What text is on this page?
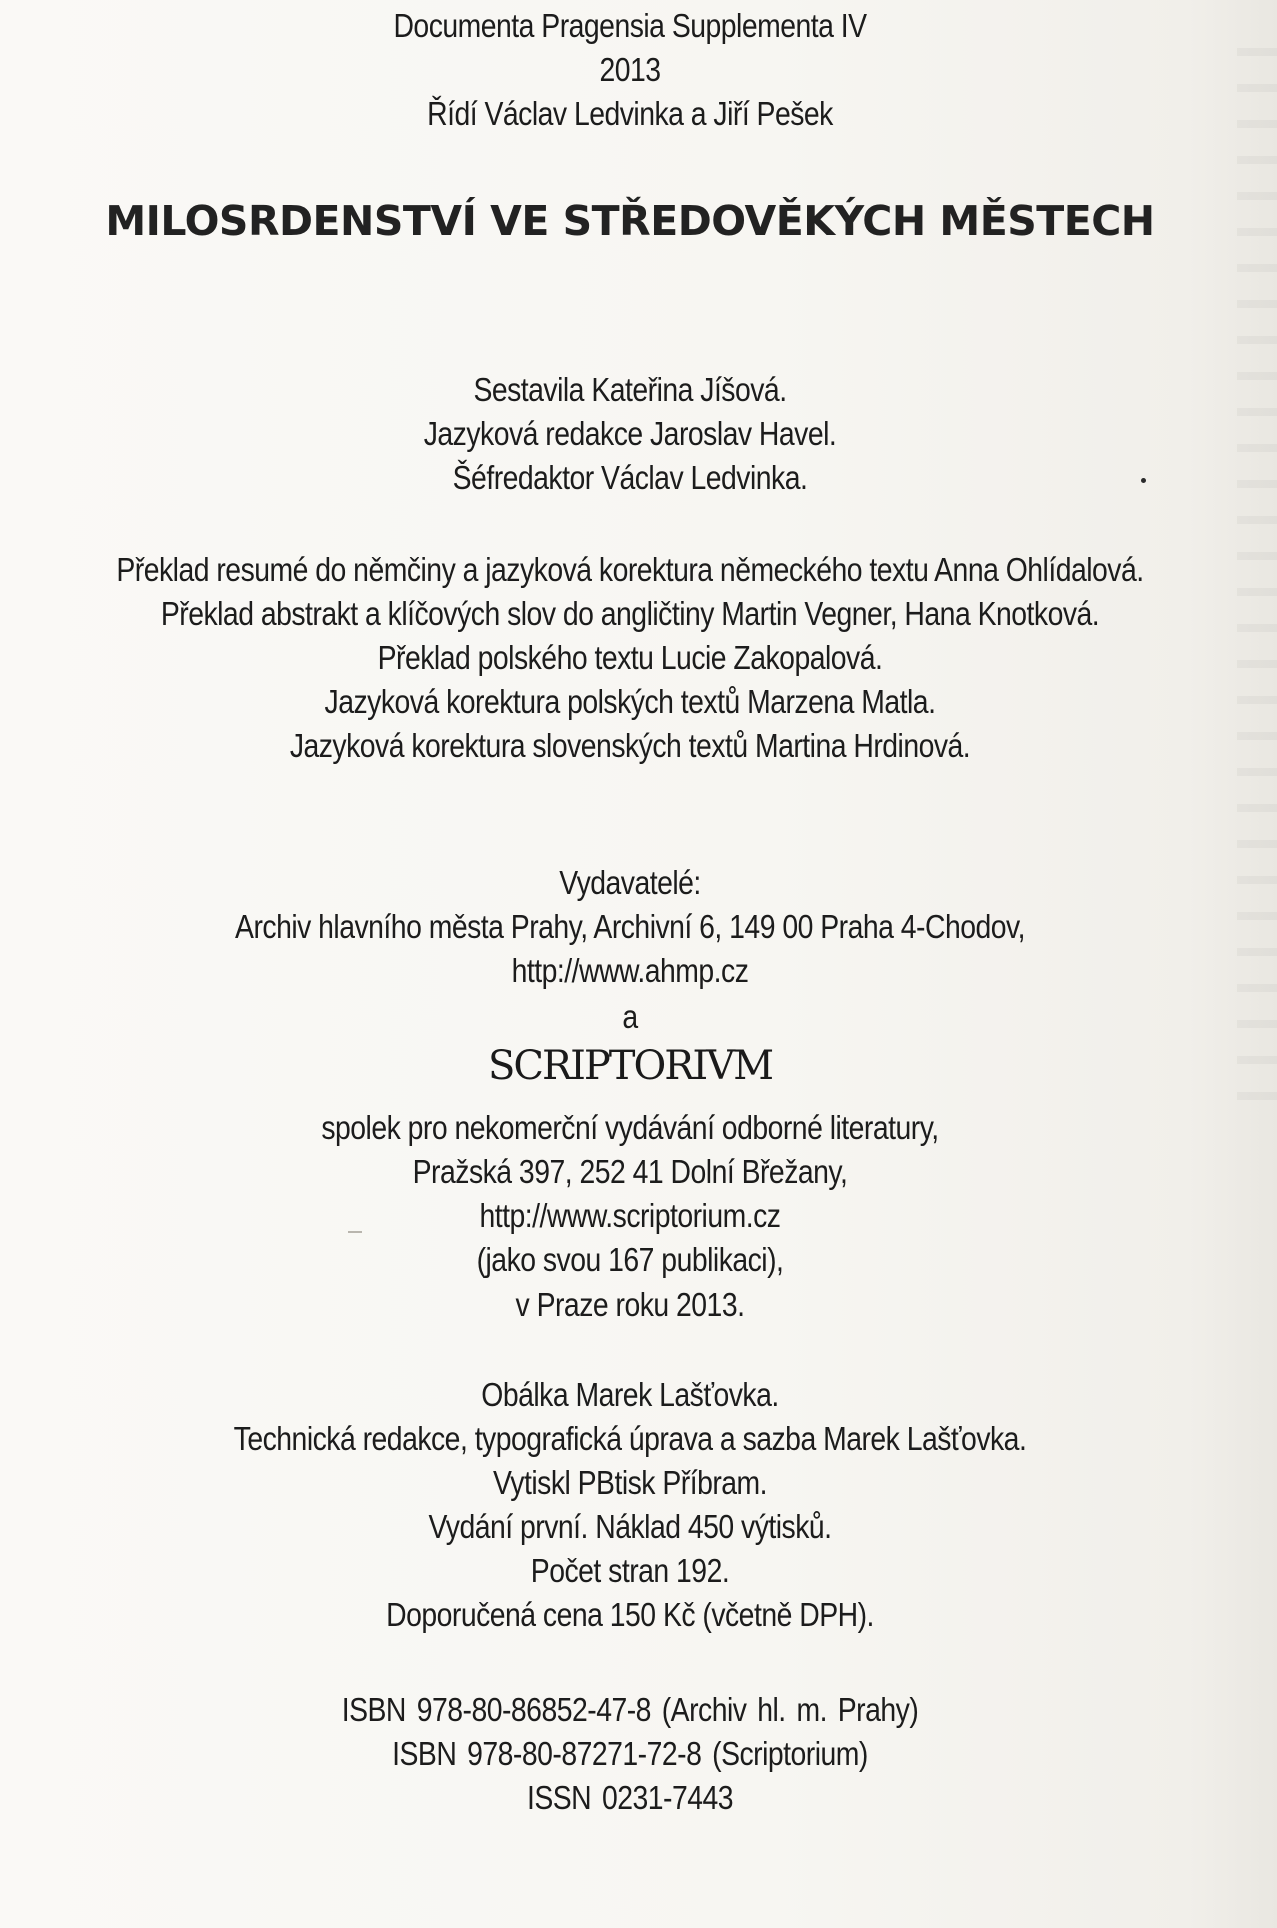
Documenta Pragensia Supplementa IV
2013
Řídí Václav Ledvinka a Jiří Pešek
MILOSRDENSTVÍ VE STŘEDOVĚKÝCH MĚSTECH
Sestavila Kateřina Jíšová.
Jazyková redakce Jaroslav Havel.
Šéfredaktor Václav Ledvinka.
Překlad resumé do němčiny a jazyková korektura německého textu Anna Ohlídalová.
Překlad abstrakt a klíčových slov do angličtiny Martin Vegner, Hana Knotková.
Překlad polského textu Lucie Zakopalová.
Jazyková korektura polských textů Marzena Matla.
Jazyková korektura slovenských textů Martina Hrdinová.
Vydavatelé:
Archiv hlavního města Prahy, Archivní 6, 149 00 Praha 4-Chodov,
http://www.ahmp.cz
a
SCRIPTORIVM
spolek pro nekomerční vydávání odborné literatury,
Pražská 397, 252 41 Dolní Břežany,
http://www.scriptorium.cz
(jako svou 167 publikaci),
v Praze roku 2013.
Obálka Marek Lašťovka.
Technická redakce, typografická úprava a sazba Marek Lašťovka.
Vytiskl PBtisk Příbram.
Vydání první. Náklad 450 výtisků.
Počet stran 192.
Doporučená cena 150 Kč (včetně DPH).
ISBN 978-80-86852-47-8 (Archiv hl. m. Prahy)
ISBN 978-80-87271-72-8 (Scriptorium)
ISSN 0231-7443
